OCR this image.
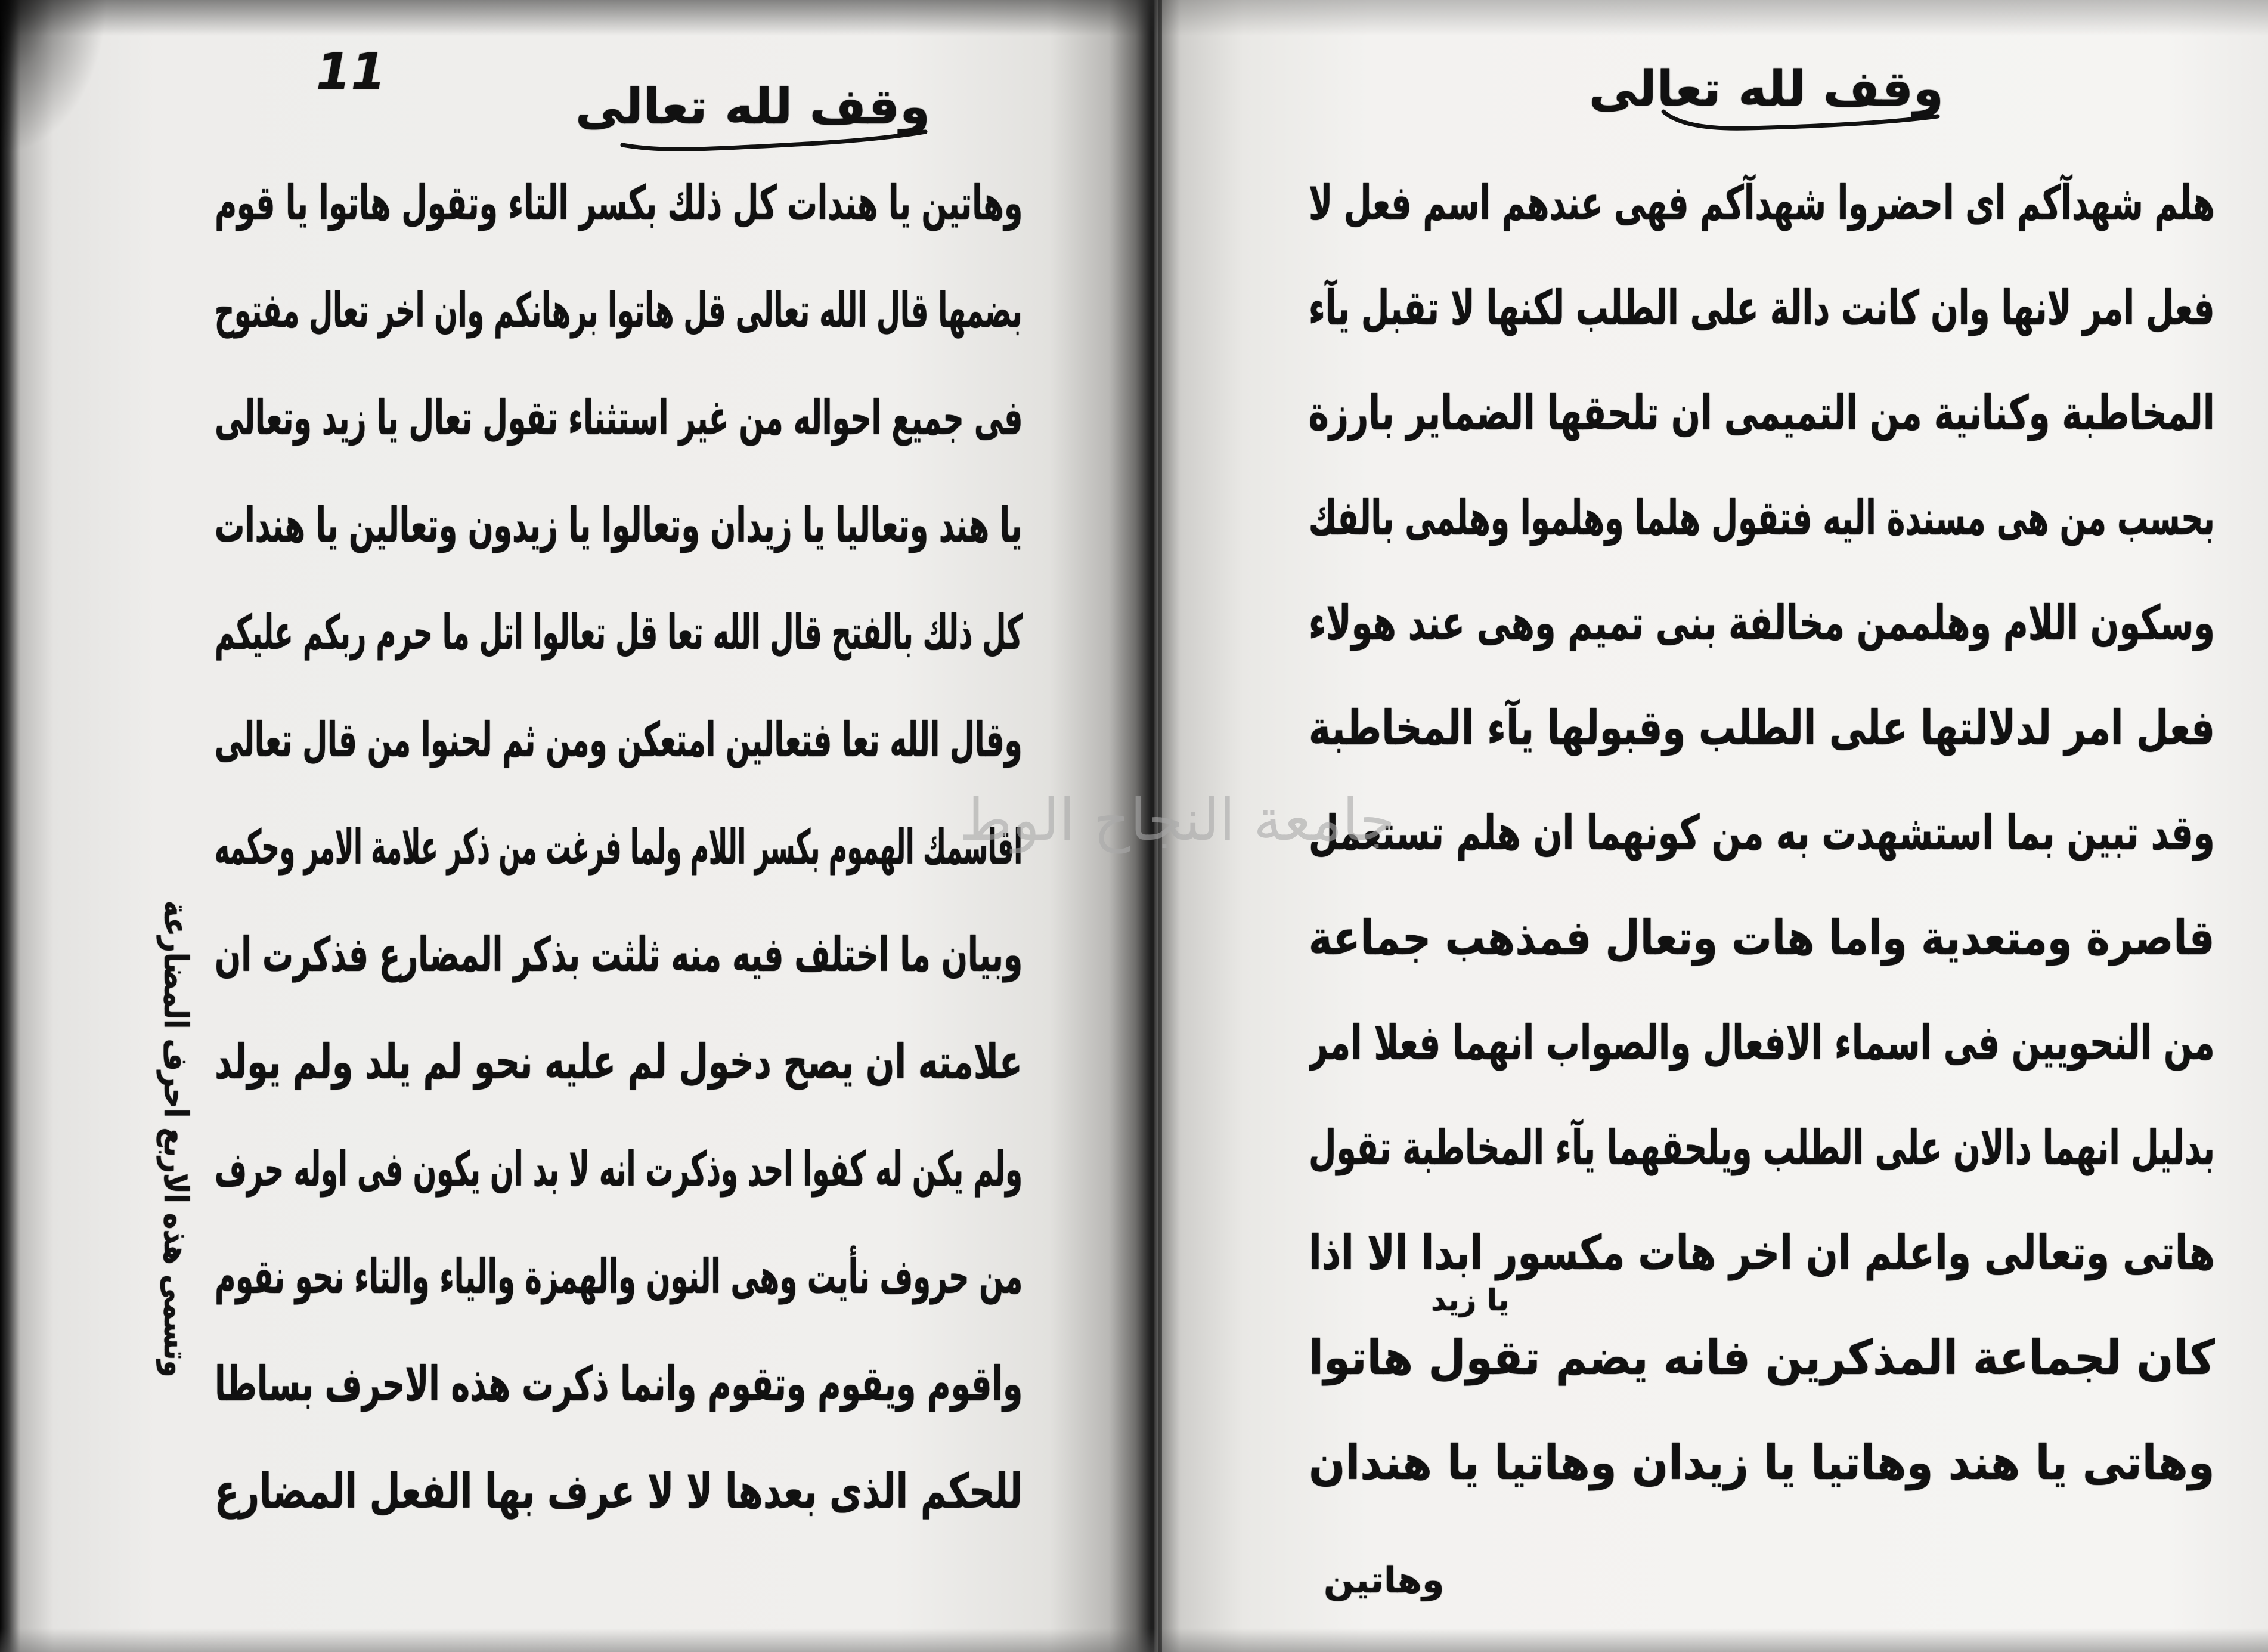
11
وقف لله تعالى
وهاتين يا هندات كل ذلك بكسر التاء وتقول هاتوا يا قوم
بضمها قال الله تعالى قل هاتوا برهانكم وان اخر تعال مفتوح
فى جميع احواله من غير استثناء تقول تعال يا زيد وتعالى
يا هند وتعاليا يا زيدان وتعالوا يا زيدون وتعالين يا هندات
كل ذلك بالفتح قال الله تعا قل تعالوا اتل ما حرم ربكم عليكم
وقال الله تعا فتعالين امتعكن ومن ثم لحنوا من قال تعالى
اقاسمك الهموم بكسر اللام ولما فرغت من ذكر علامة الامر وحكمه
وبيان ما اختلف فيه منه ثلثت بذكر المضارع فذكرت ان
علامته ان يصح دخول لم عليه نحو لم يلد ولم يولد
ولم يكن له كفوا احد وذكرت انه لا بد ان يكون فى اوله حرف
من حروف نأيت وهى النون والهمزة والياء والتاء نحو نقوم
واقوم ويقوم وتقوم وانما ذكرت هذه الاحرف بساطا
للحكم الذى بعدها لا لا عرف بها الفعل المضارع
وتسمى هذه الاربع احرف المضارعة
وقف لله تعالى
هلم شهدآكم اى احضروا شهدآكم فهى عندهم اسم فعل لا
فعل امر لانها وان كانت دالة على الطلب لكنها لا تقبل يآء
المخاطبة وكنانية من التميمى ان تلحقها الضماير بارزة
بحسب من هى مسندة اليه فتقول هلما وهلموا وهلمى بالفك
وسكون اللام وهلممن مخالفة بنى تميم وهى عند هولاء
فعل امر لدلالتها على الطلب وقبولها يآء المخاطبة
وقد تبين بما استشهدت به من كونهما ان هلم تستعمل
قاصرة ومتعدية واما هات وتعال فمذهب جماعة
من النحويين فى اسماء الافعال والصواب انهما فعلا امر
بدليل انهما دالان على الطلب ويلحقهما يآء المخاطبة تقول
هاتى وتعالى واعلم ان اخر هات مكسور ابدا الا اذا
كان لجماعة المذكرين فانه يضم تقول هاتوا
وهاتى يا هند وهاتيا يا زيدان وهاتيا يا هندان
يا زيد
وهاتين
جامعة النجاح الوط
